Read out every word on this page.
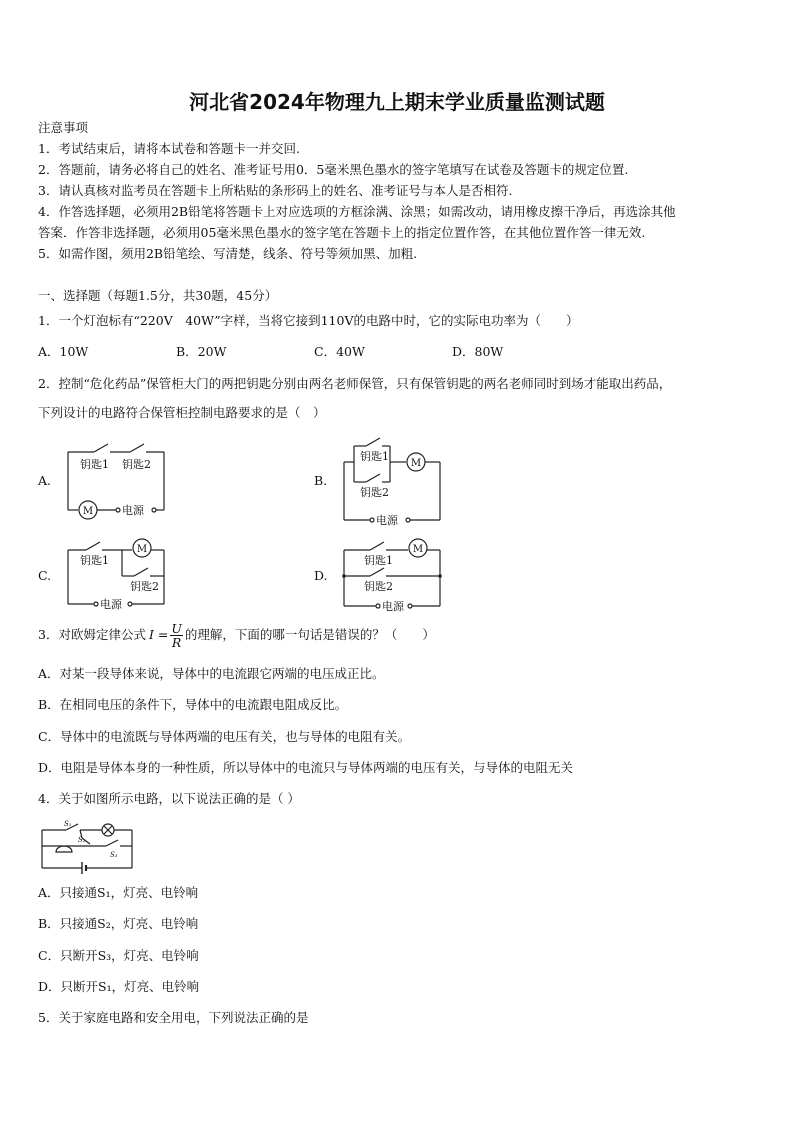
河北省2024年物理九上期末学业质量监测试题
注意事项
1．考试结束后，请将本试卷和答题卡一并交回.
2．答题前，请务必将自己的姓名、准考证号用0．5毫米黑色墨水的签字笔填写在试卷及答题卡的规定位置.
3．请认真核对监考员在答题卡上所粘贴的条形码上的姓名、准考证号与本人是否相符.
4．作答选择题，必须用2B铅笔将答题卡上对应选项的方框涂满、涂黑；如需改动，请用橡皮擦干净后，再选涂其他
答案．作答非选择题，必须用05毫米黑色墨水的签字笔在答题卡上的指定位置作答，在其他位置作答一律无效.
5．如需作图，须用2B铅笔绘、写清楚，线条、符号等须加黑、加粗.
一、选择题（每题1.5分，共30题，45分）
1．一个灯泡标有“220V　40W”字样，当将它接到110V的电路中时，它的实际电功率为（　　）
A．10W	B．20W	C．40W	D．80W
2．控制“危化药品”保管柜大门的两把钥匙分别由两名老师保管，只有保管钥匙的两名老师同时到场才能取出药品，
下列设计的电路符合保管柜控制电路要求的是（　）
A.	B.
C.	D.
M
钥匙1 钥匙2
电源
M
钥匙1
钥匙2
电源
M
钥匙1
钥匙2
电源
M
钥匙1
钥匙2
电源
3．对欧姆定律公式 $I = \frac{U}{R}$ 的理解，下面的哪一句话是错误的？（　　）
A．对某一段导体来说，导体中的电流跟它两端的电压成正比。
B．在相同电压的条件下，导体中的电流跟电阻成反比。
C．导体中的电流既与导体两端的电压有关，也与导体的电阻有关。
D．电阻是导体本身的一种性质，所以导体中的电流只与导体两端的电压有关，与导体的电阻无关
4．关于如图所示电路，以下说法正确的是（ ）
S₁
S₂
S₃
A．只接通S₁，灯亮、电铃响
B．只接通S₂，灯亮、电铃响
C．只断开S₃，灯亮、电铃响
D．只断开S₁，灯亮、电铃响
5．关于家庭电路和安全用电，下列说法正确的是
